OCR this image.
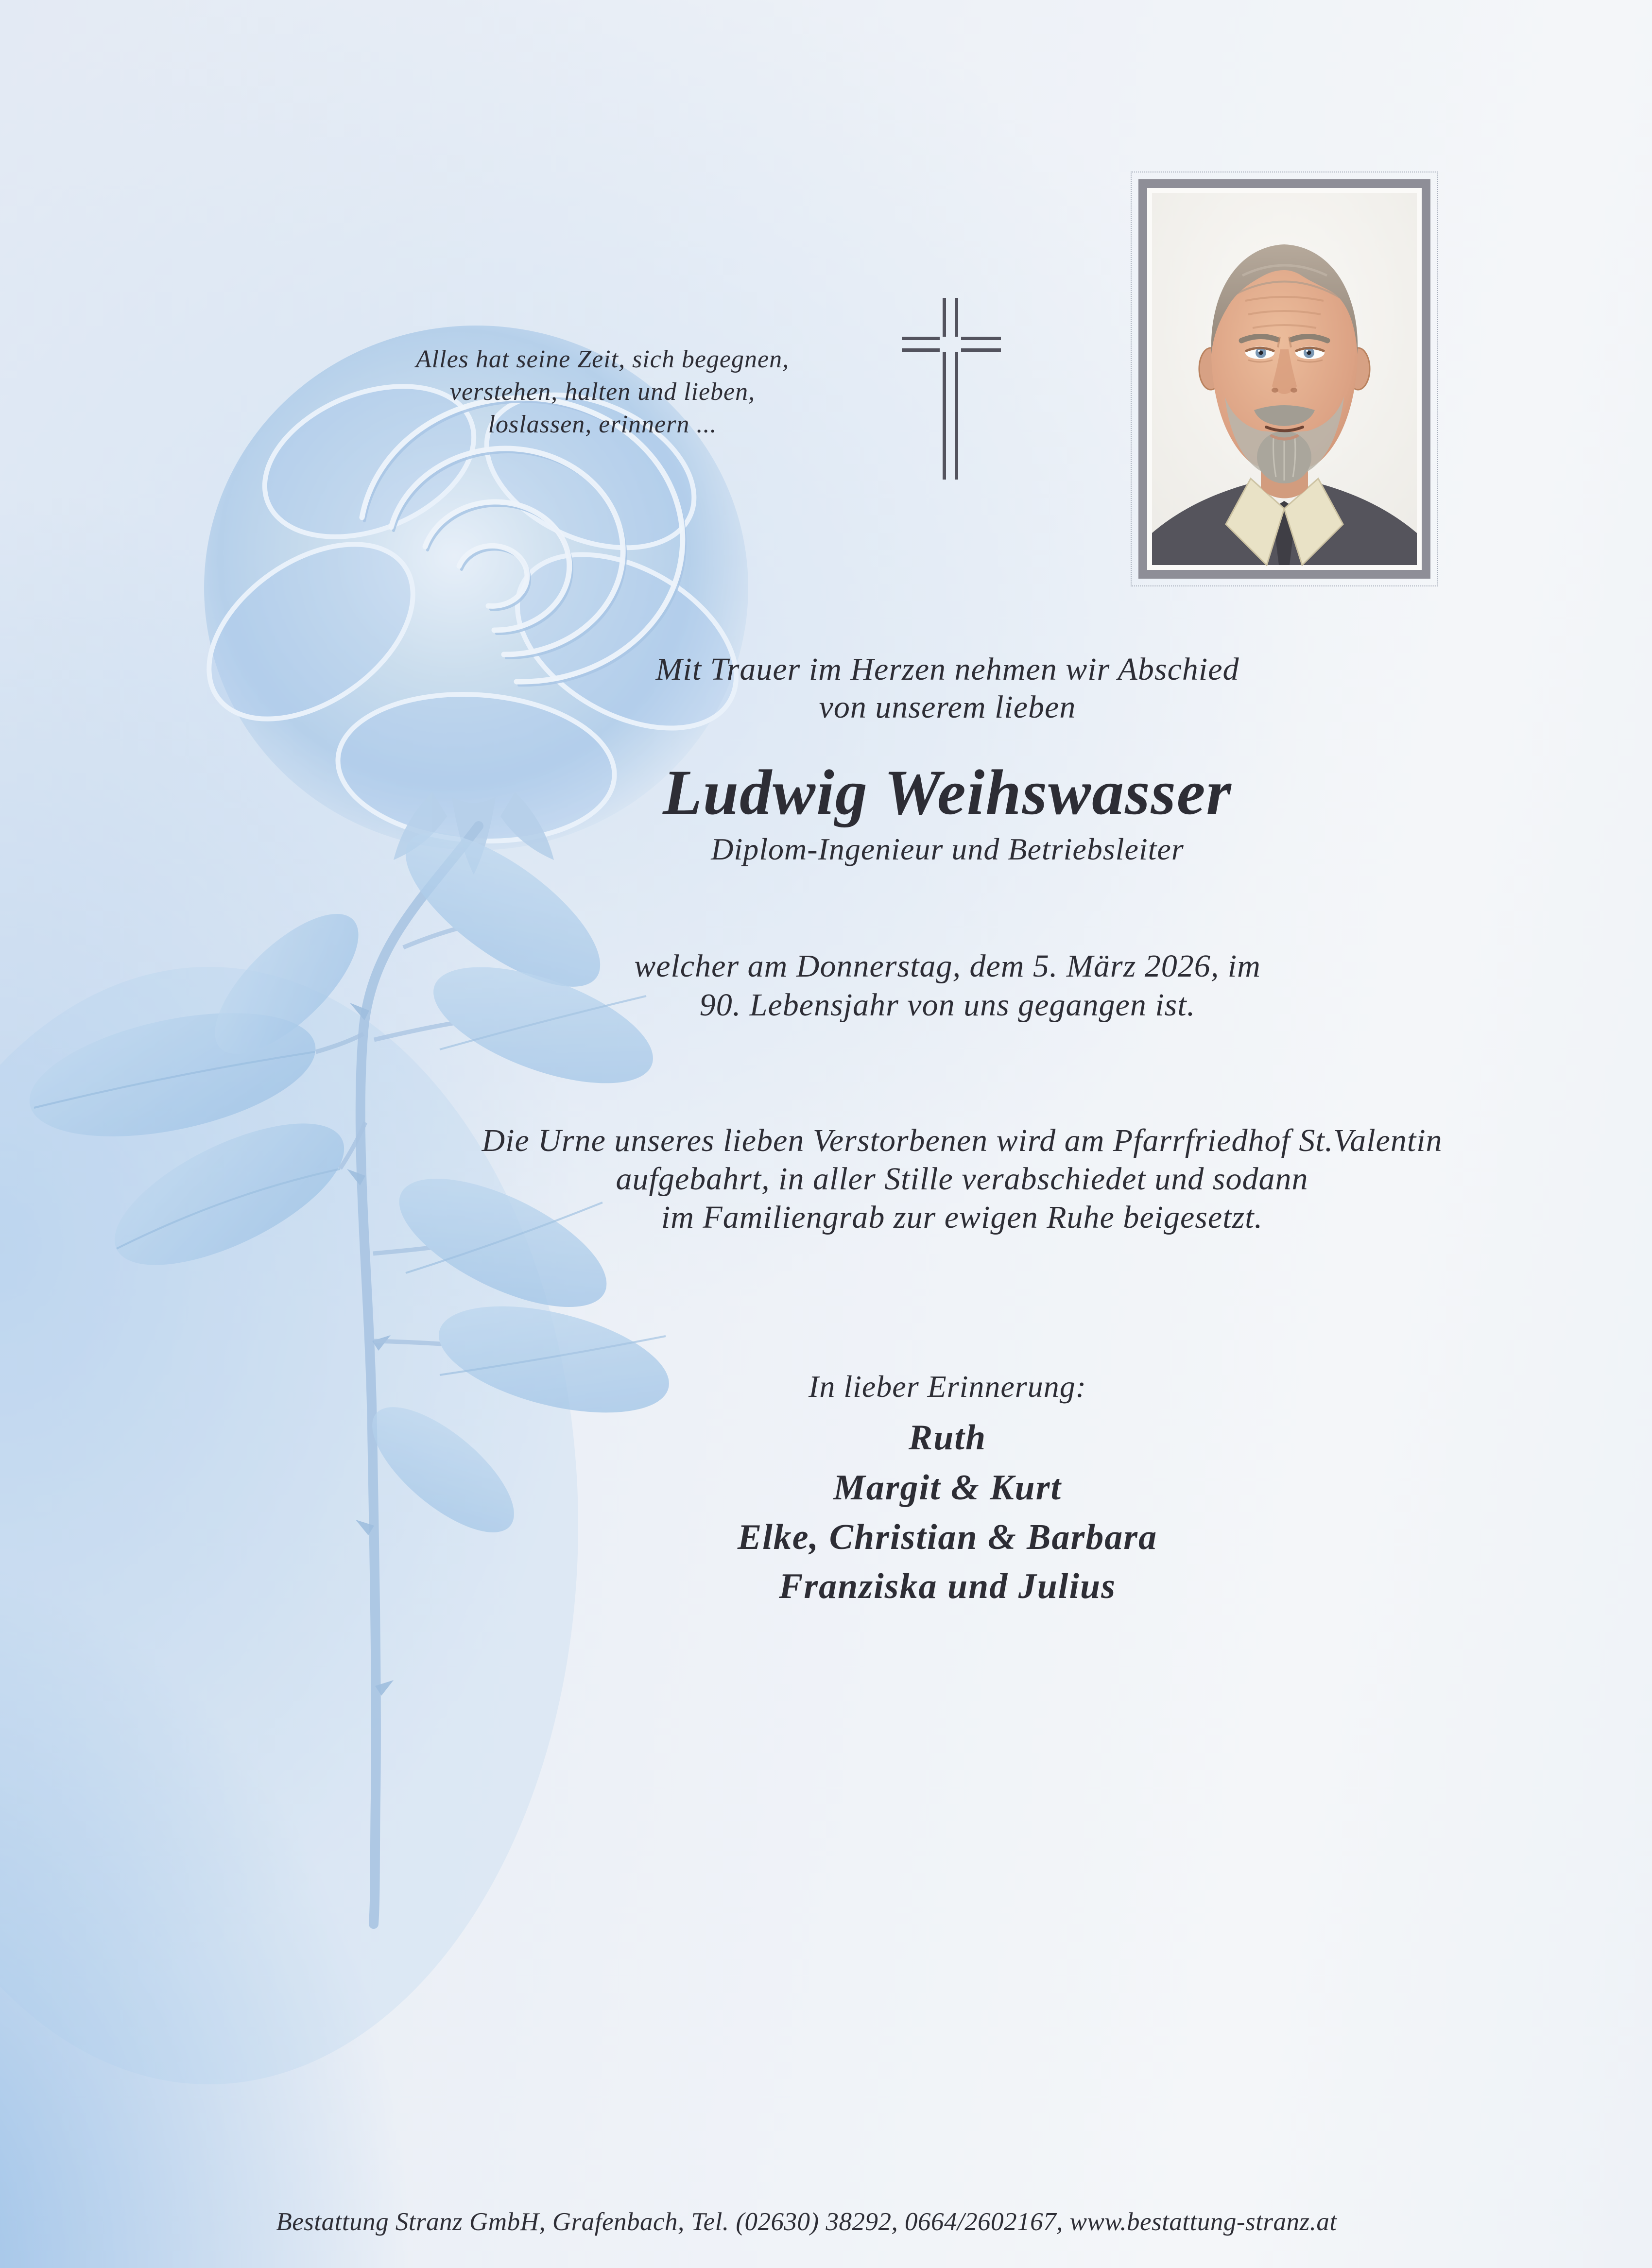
Alles hat seine Zeit, sich begegnen,
verstehen, halten und lieben,
loslassen, erinnern ...
Mit Trauer im Herzen nehmen wir Abschied
von unserem lieben
Ludwig Weihswasser
Diplom-Ingenieur und Betriebsleiter
welcher am Donnerstag, dem 5. März 2026, im
90. Lebensjahr von uns gegangen ist.
Die Urne unseres lieben Verstorbenen wird am Pfarrfriedhof St.Valentin
aufgebahrt, in aller Stille verabschiedet und sodann
im Familiengrab zur ewigen Ruhe beigesetzt.
In lieber Erinnerung:
Ruth
Margit & Kurt
Elke, Christian & Barbara
Franziska und Julius
Bestattung Stranz GmbH, Grafenbach, Tel. (02630) 38292, 0664/2602167, www.bestattung-stranz.at
